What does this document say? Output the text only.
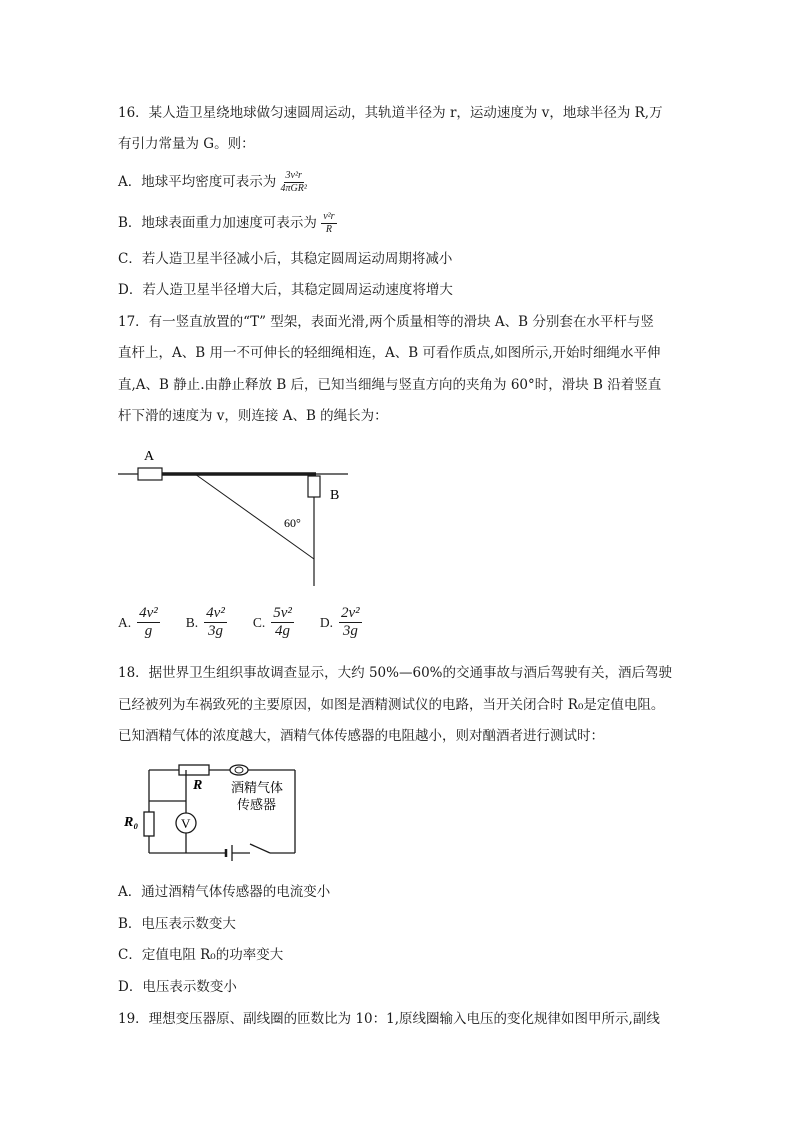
16．某人造卫星绕地球做匀速圆周运动，其轨道半径为 r，运动速度为 v，地球半径为 R,万
有引力常量为 G。则：
A．地球平均密度可表示为 $\frac{\text{3v²r}}{\text{4πGR²}}$
B．地球表面重力加速度可表示为 $\frac{\text{v²r}}{R}$
C．若人造卫星半径减小后，其稳定圆周运动周期将减小
D．若人造卫星半径增大后，其稳定圆周运动速度将增大
17．有一竖直放置的“T” 型架，表面光滑,两个质量相等的滑块 A、B 分别套在水平杆与竖
直杆上，A、B 用一不可伸长的轻细绳相连，A、B 可看作质点,如图所示,开始时细绳水平伸
直,A、B 静止.由静止释放 B 后，已知当细绳与竖直方向的夹角为 60°时，滑块 B 沿着竖直
杆下滑的速度为 v，则连接 A、B 的绳长为：
A
B
60°
A. $\frac{\text{4v²}}{g} B$. $\frac{\text{4v²}}{3g} C$. $\frac{\text{5v²}}{4g} D$. $\frac{\text{2v²}}{3g}$
18．据世界卫生组织事故调查显示，大约 50%—60%的交通事故与酒后驾驶有关，酒后驾驶
已经被列为车祸致死的主要原因，如图是酒精测试仪的电路，当开关闭合时 R₀是定值电阻。
已知酒精气体的浓度越大，酒精气体传感器的电阻越小，则对酗酒者进行测试时：
V
R
R₀
酒精气体
传感器
A．通过酒精气体传感器的电流变小
B．电压表示数变大
C．定值电阻 R₀的功率变大
D．电压表示数变小
19．理想变压器原、副线圈的匝数比为 10：1,原线圈输入电压的变化规律如图甲所示,副线
